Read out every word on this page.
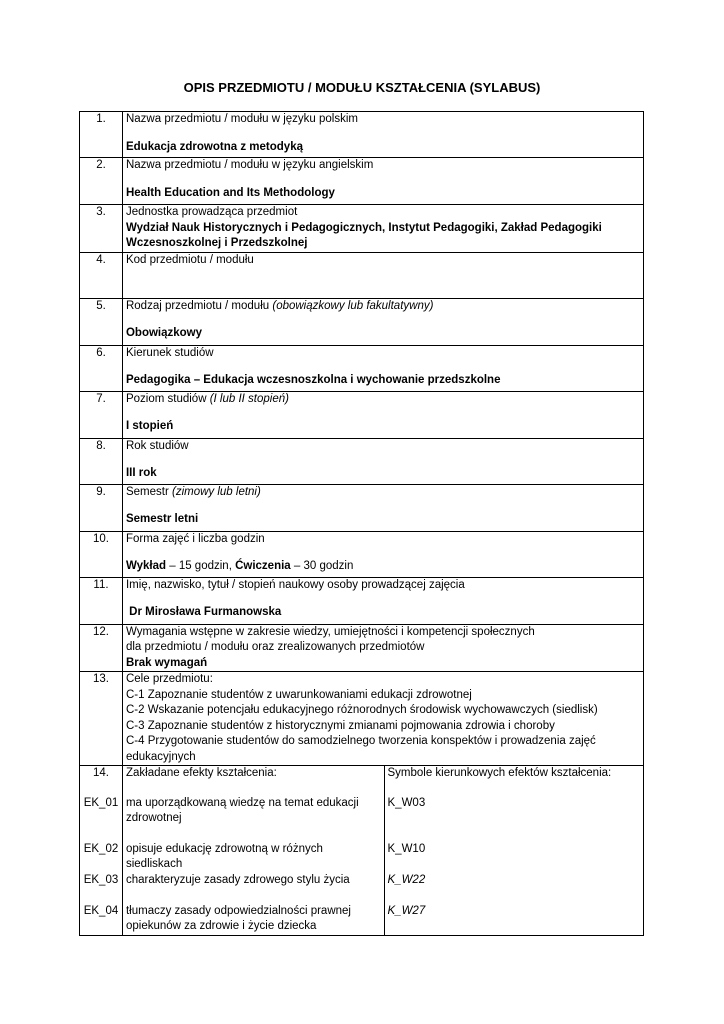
OPIS PRZEDMIOTU / MODUŁU KSZTAŁCENIA (SYLABUS)
1.	Nazwa przedmiotu / modułu w języku polskim
Edukacja zdrowotna z metodyką	

2.	Nazwa przedmiotu / modułu w języku angielskim
Health Education and Its Methodology	

3.	Jednostka prowadząca przedmiot
Wydział Nauk Historycznych i Pedagogicznych, Instytut Pedagogiki, Zakład Pedagogiki Wczesnoszkolnej i Przedszkolnej	

4.	Kod przedmiotu / modułu	

5.	Rodzaj przedmiotu / modułu (obowiązkowy lub fakultatywny)
Obowiązkowy	

6.	Kierunek studiów
Pedagogika – Edukacja wczesnoszkolna i wychowanie przedszkolne	

7.	Poziom studiów (I lub II stopień)
I stopień	

8.	Rok studiów
III rok	

9.	Semestr (zimowy lub letni)
Semestr letni	

10.	Forma zajęć i liczba godzin
Wykład – 15 godzin, Ćwiczenia – 30 godzin	

11.	Imię, nazwisko, tytuł / stopień naukowy osoby prowadzącej zajęcia
Dr Mirosława Furmanowska	

12.	Wymagania wstępne w zakresie wiedzy, umiejętności i kompetencji społecznych
dla przedmiotu / modułu oraz zrealizowanych przedmiotów
Brak wymagań	

13.	Cele przedmiotu:
C-1 Zapoznanie studentów z uwarunkowaniami edukacji zdrowotnej
C-2 Wskazanie potencjału edukacyjnego różnorodnych środowisk wychowawczych (siedlisk)
C-3 Zapoznanie studentów z historycznymi zmianami pojmowania zdrowia i choroby
C-4 Przygotowanie studentów do samodzielnego tworzenia konspektów i prowadzenia zajęć edukacyjnych	

14.	Zakładane efekty kształcenia:	Symbole kierunkowych efektów kształcenia:
EK_01	ma uporządkowaną wiedzę na temat edukacji zdrowotnej	K_W03
EK_02	opisuje edukację zdrowotną w różnych siedliskach	K_W10
EK_03	charakteryzuje zasady zdrowego stylu życia	K_W22
EK_04	tłumaczy zasady odpowiedzialności prawnej opiekunów za zdrowie i życie dziecka	K_W27
